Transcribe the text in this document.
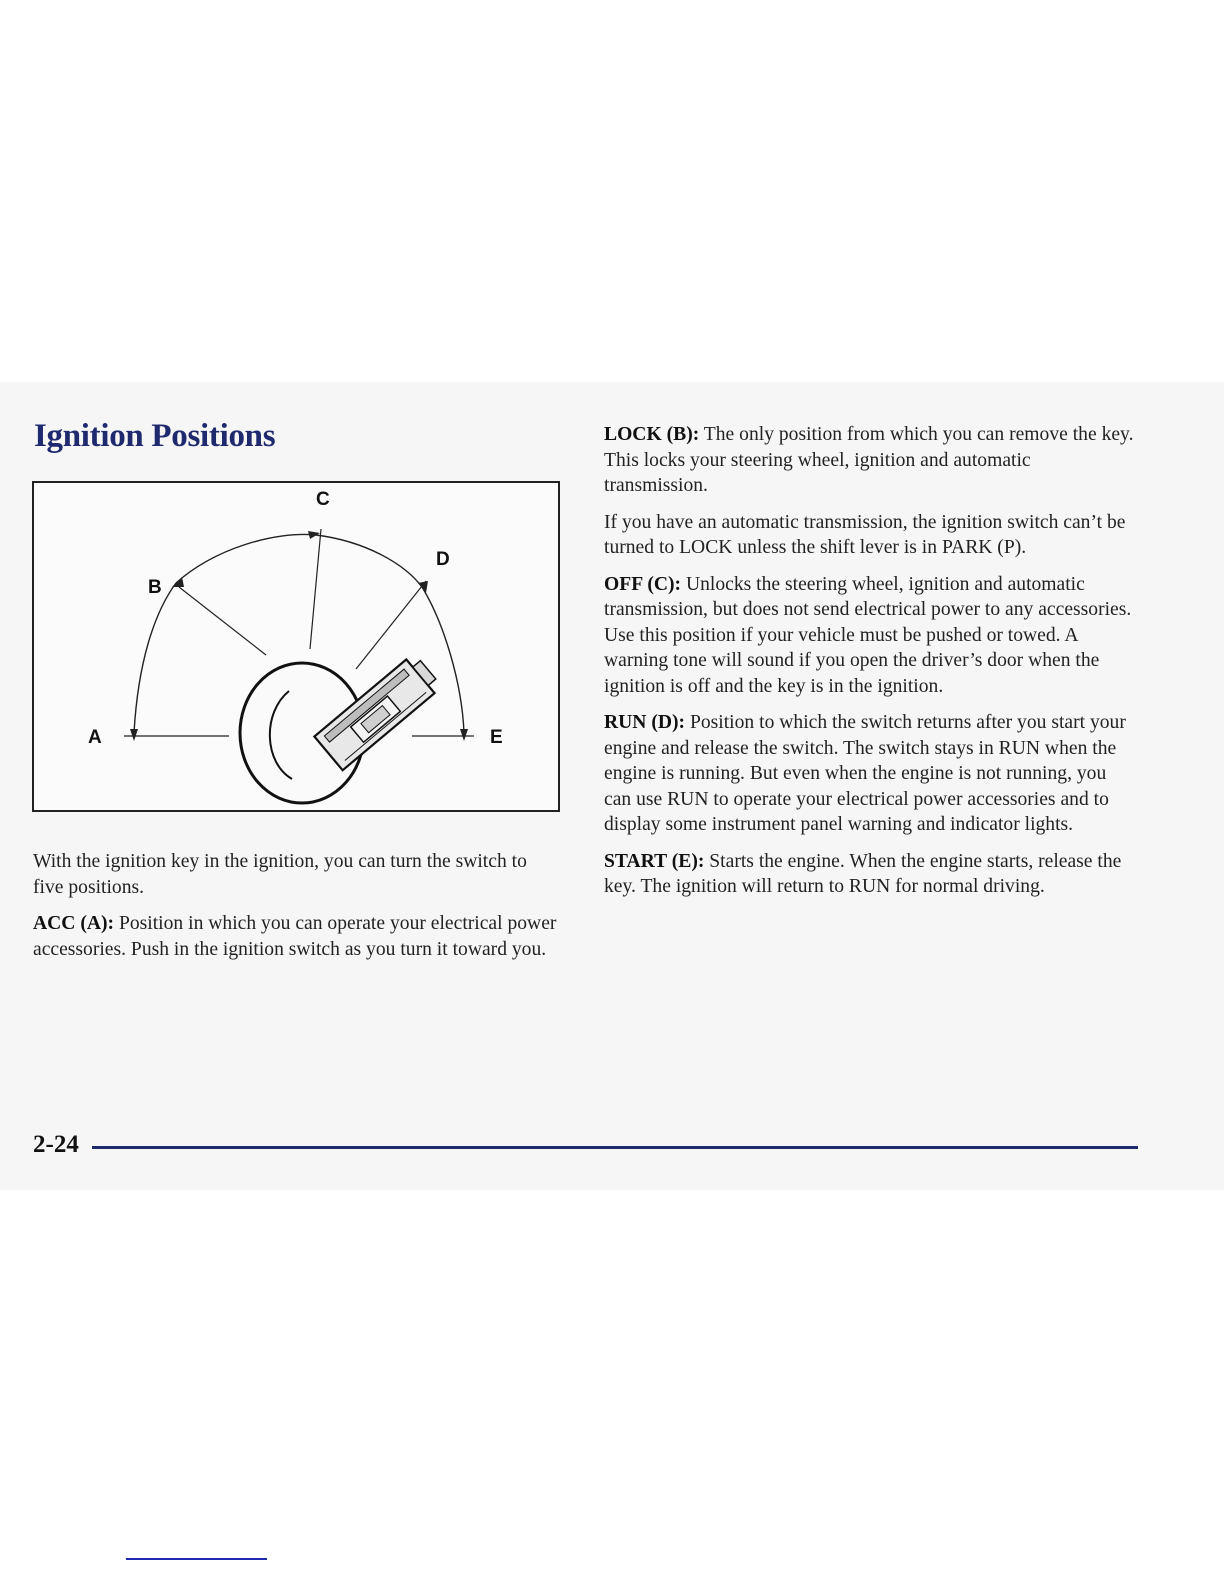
Ignition Positions
C
D
B
A	E

With the ignition key in the ignition, you can turn the switch to five positions.

ACC (A): Position in which you can operate your electrical power accessories. Push in the ignition switch as you turn it toward you.

LOCK (B): The only position from which you can remove the key. This locks your steering wheel, ignition and automatic transmission.

If you have an automatic transmission, the ignition switch can’t be turned to LOCK unless the shift lever is in PARK (P).

OFF (C): Unlocks the steering wheel, ignition and automatic transmission, but does not send electrical power to any accessories. Use this position if your vehicle must be pushed or towed. A warning tone will sound if you open the driver’s door when the ignition is off and the key is in the ignition.

RUN (D): Position to which the switch returns after you start your engine and release the switch. The switch stays in RUN when the engine is running. But even when the engine is not running, you can use RUN to operate your electrical power accessories and to display some instrument panel warning and indicator lights.

START (E): Starts the engine. When the engine starts, release the key. The ignition will return to RUN for normal driving.

2-24
